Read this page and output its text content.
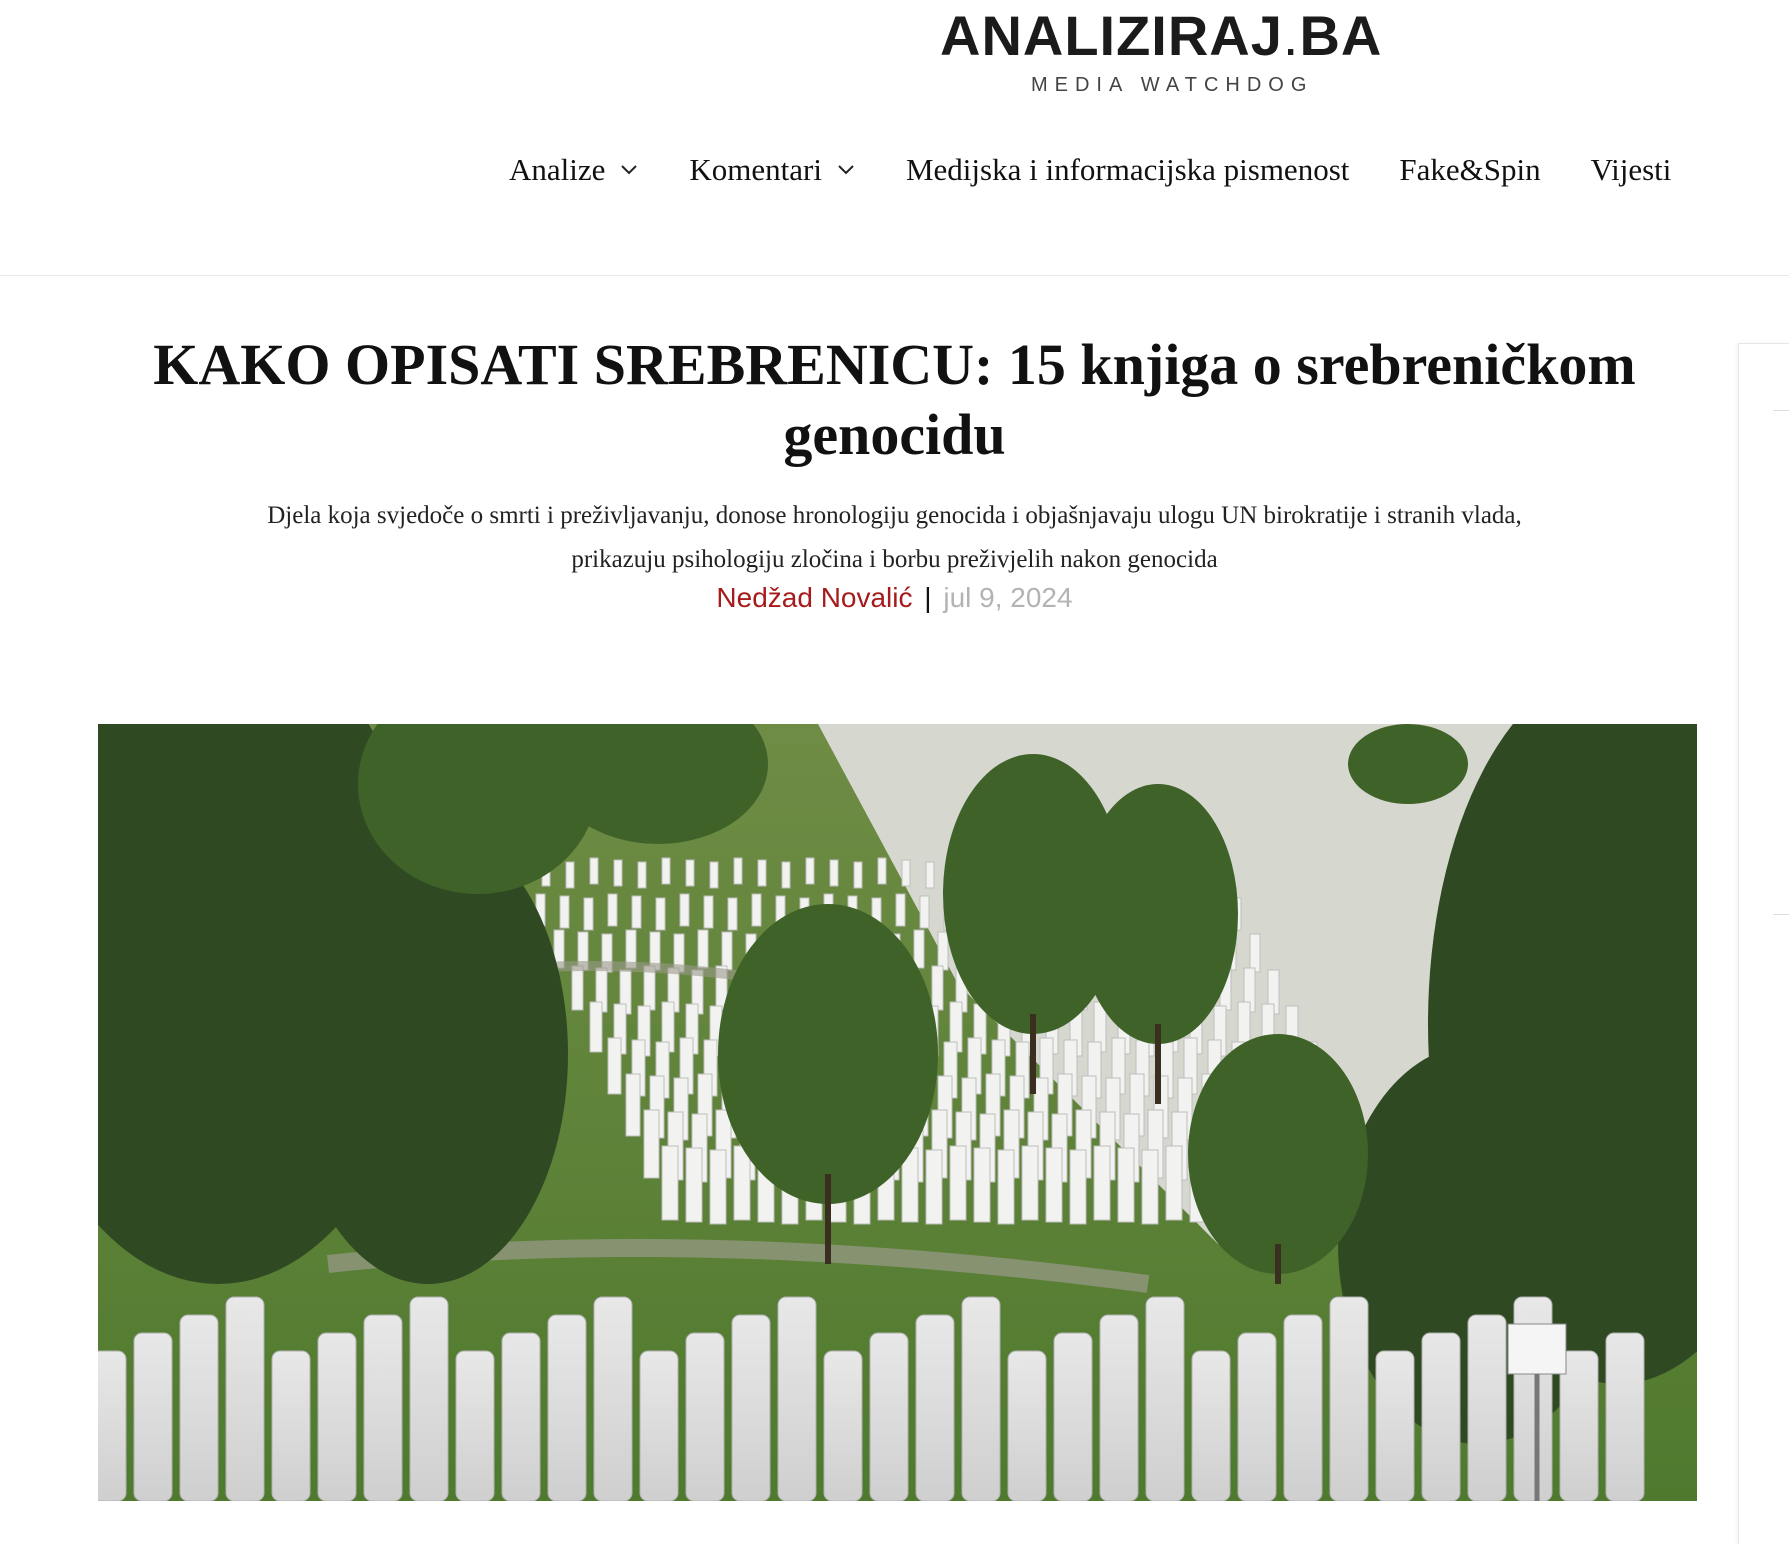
ANALIZIRAJ.BA
MEDIA WATCHDOG
Analize	Komentari	Medijska i informacijska pismenost Fake&Spin Vijesti
KAKO OPISATI SREBRENICU: 15 knjiga o srebreničkom genocidu

Djela koja svjedoče o smrti i preživljavanju, donose hronologiju genocida i objašnjavaju ulogu UN birokratije i stranih vlada, prikazuju psihologiju zločina i borbu preživjelih nakon genocida

Nedžad Novalić | jul 9, 2024
